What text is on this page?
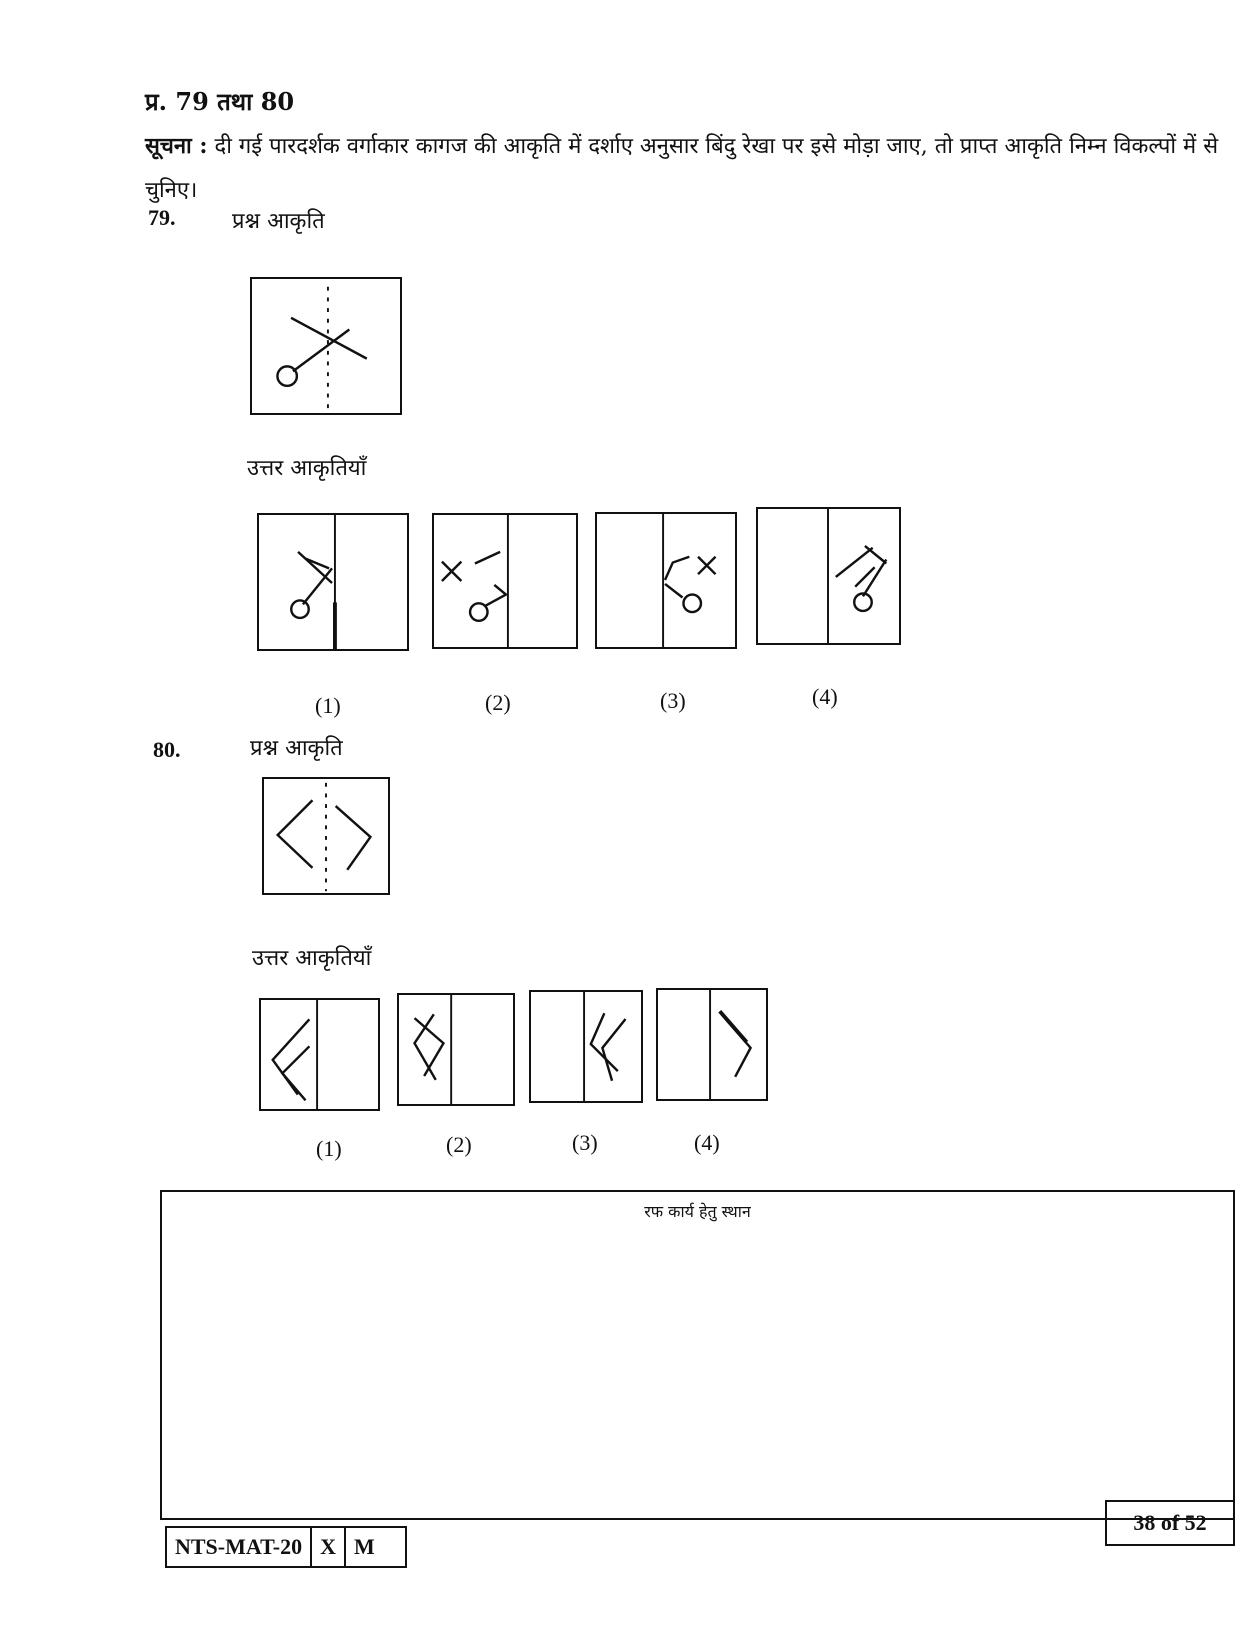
प्र. 79 तथा 80
सूचना : दी गई पारदर्शक वर्गाकार कागज की आकृति में दर्शाए अनुसार बिंदु रेखा पर इसे मोड़ा जाए, तो प्राप्त आकृति निम्न विकल्पों में से चुनिए।
79.	प्रश्न आकृति
उत्तर आकृतियाँ
(1)	(2)	(3)	(4)
80.	प्रश्न आकृति
उत्तर आकृतियाँ
(1)	(2)	(3)	(4)
रफ कार्य हेतु स्थान
NTS-MAT-20 X M
38 of 52
